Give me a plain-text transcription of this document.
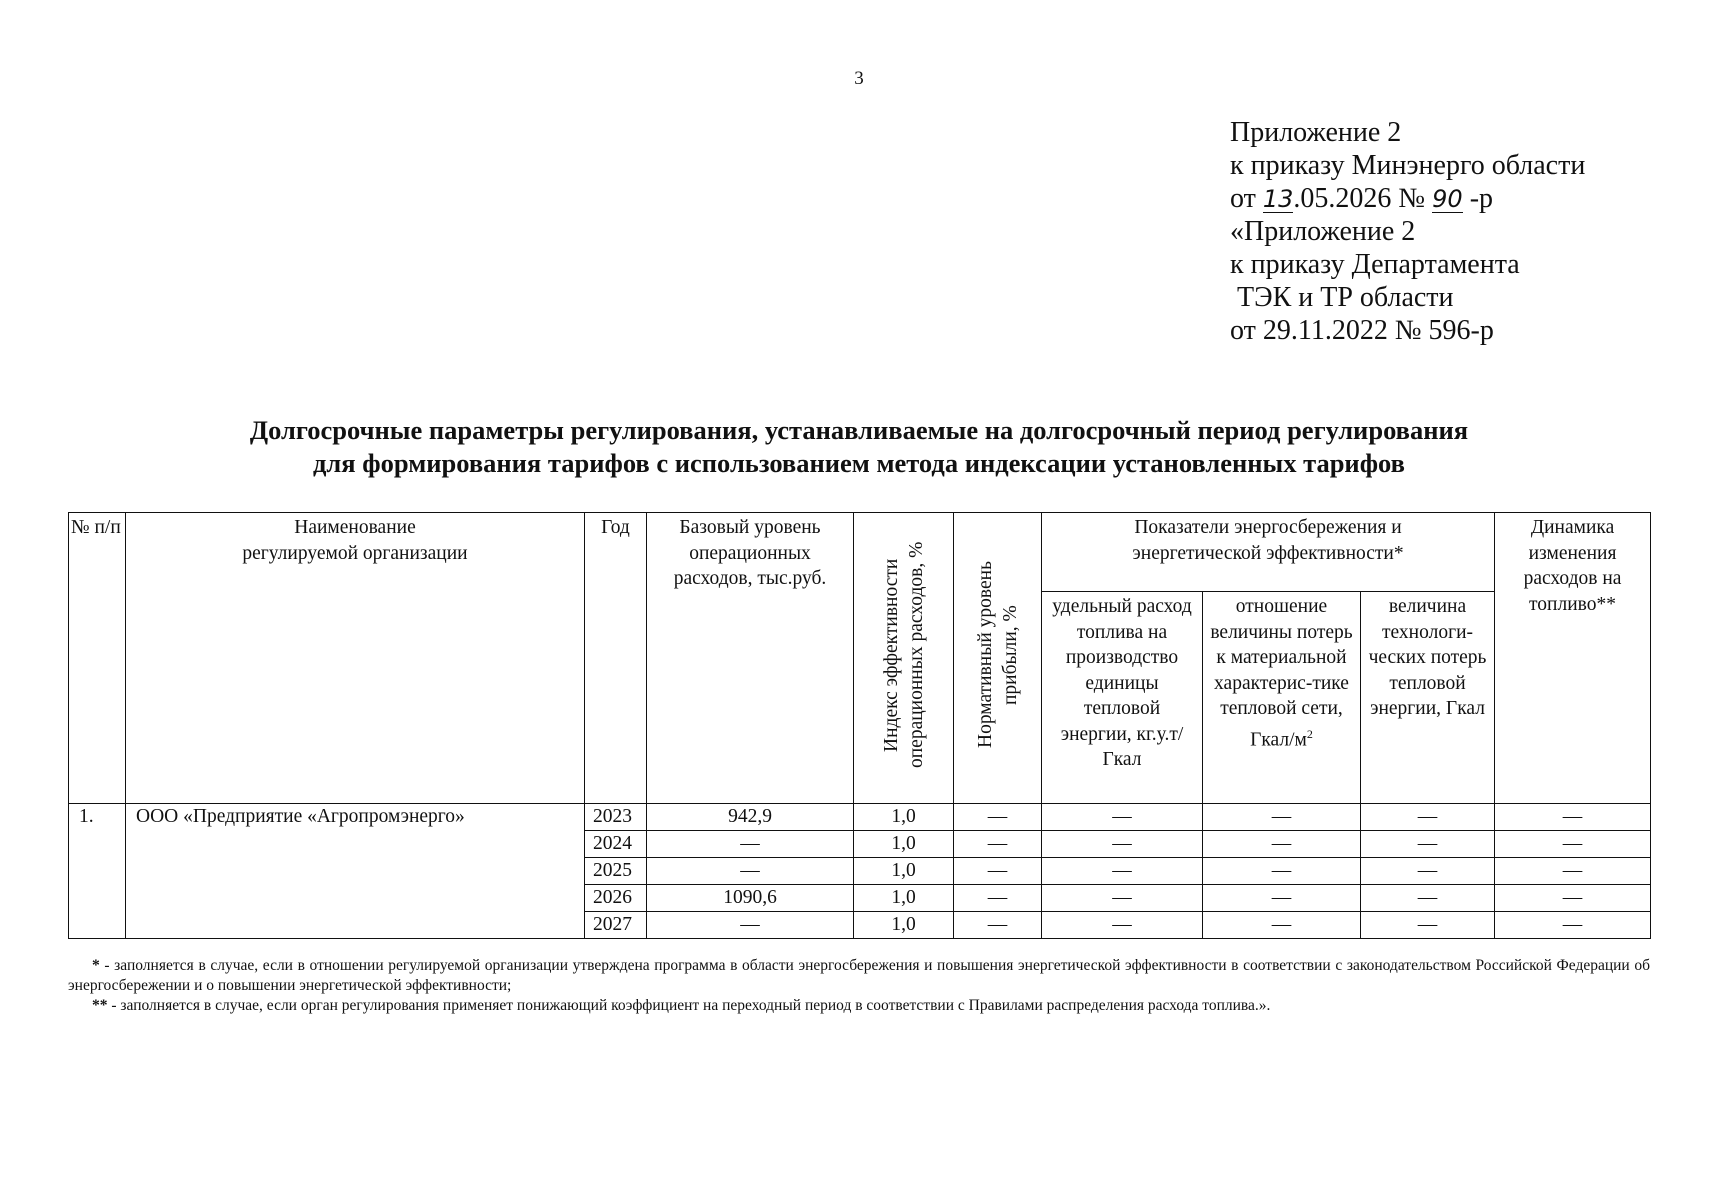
3
Приложение 2
к приказу Минэнерго области
от 13.05.2026 № 90 -р
«Приложение 2
к приказу Департамента
ТЭК и ТР области
от 29.11.2022 № 596-р
Долгосрочные параметры регулирования, устанавливаемые на долгосрочный период регулирования
для формирования тарифов с использованием метода индексации установленных тарифов
№ п/п	Наименование регулируемой организации	Год	Базовый уровень операционных расходов, тыс.руб.	Индекс эффективности операционных расходов, %	Нормативный уровень прибыли, %	Показатели энергосбережения и энергетической эффективности*			Динамика изменения расходов на топливо**
						удельный расход топлива на производство единицы тепловой энергии, кг.у.т/Гкал	отношение величины потерь к материальной характерис-тике тепловой сети, Гкал/$м^2$	величина технологи-ческих потерь тепловой энергии, Гкал	
1.	ООО «Предприятие «Агропромэнерго»	2023	942,9	1,0	—	—	—	—	—
		2024	—	1,0	—	—	—	—	—
		2025	—	1,0	—	—	—	—	—
		2026	1090,6	1,0	—	—	—	—	—
		2027	—	1,0	—	—	—	—	—

* - заполняется в случае, если в отношении регулируемой организации утверждена программа в области энергосбережения и повышения энергетической эффективности в соответствии с законодательством Российской Федерации об энергосбережении и о повышении энергетической эффективности;

** - заполняется в случае, если орган регулирования применяет понижающий коэффициент на переходный период в соответствии с Правилами распределения расхода топлива.».
